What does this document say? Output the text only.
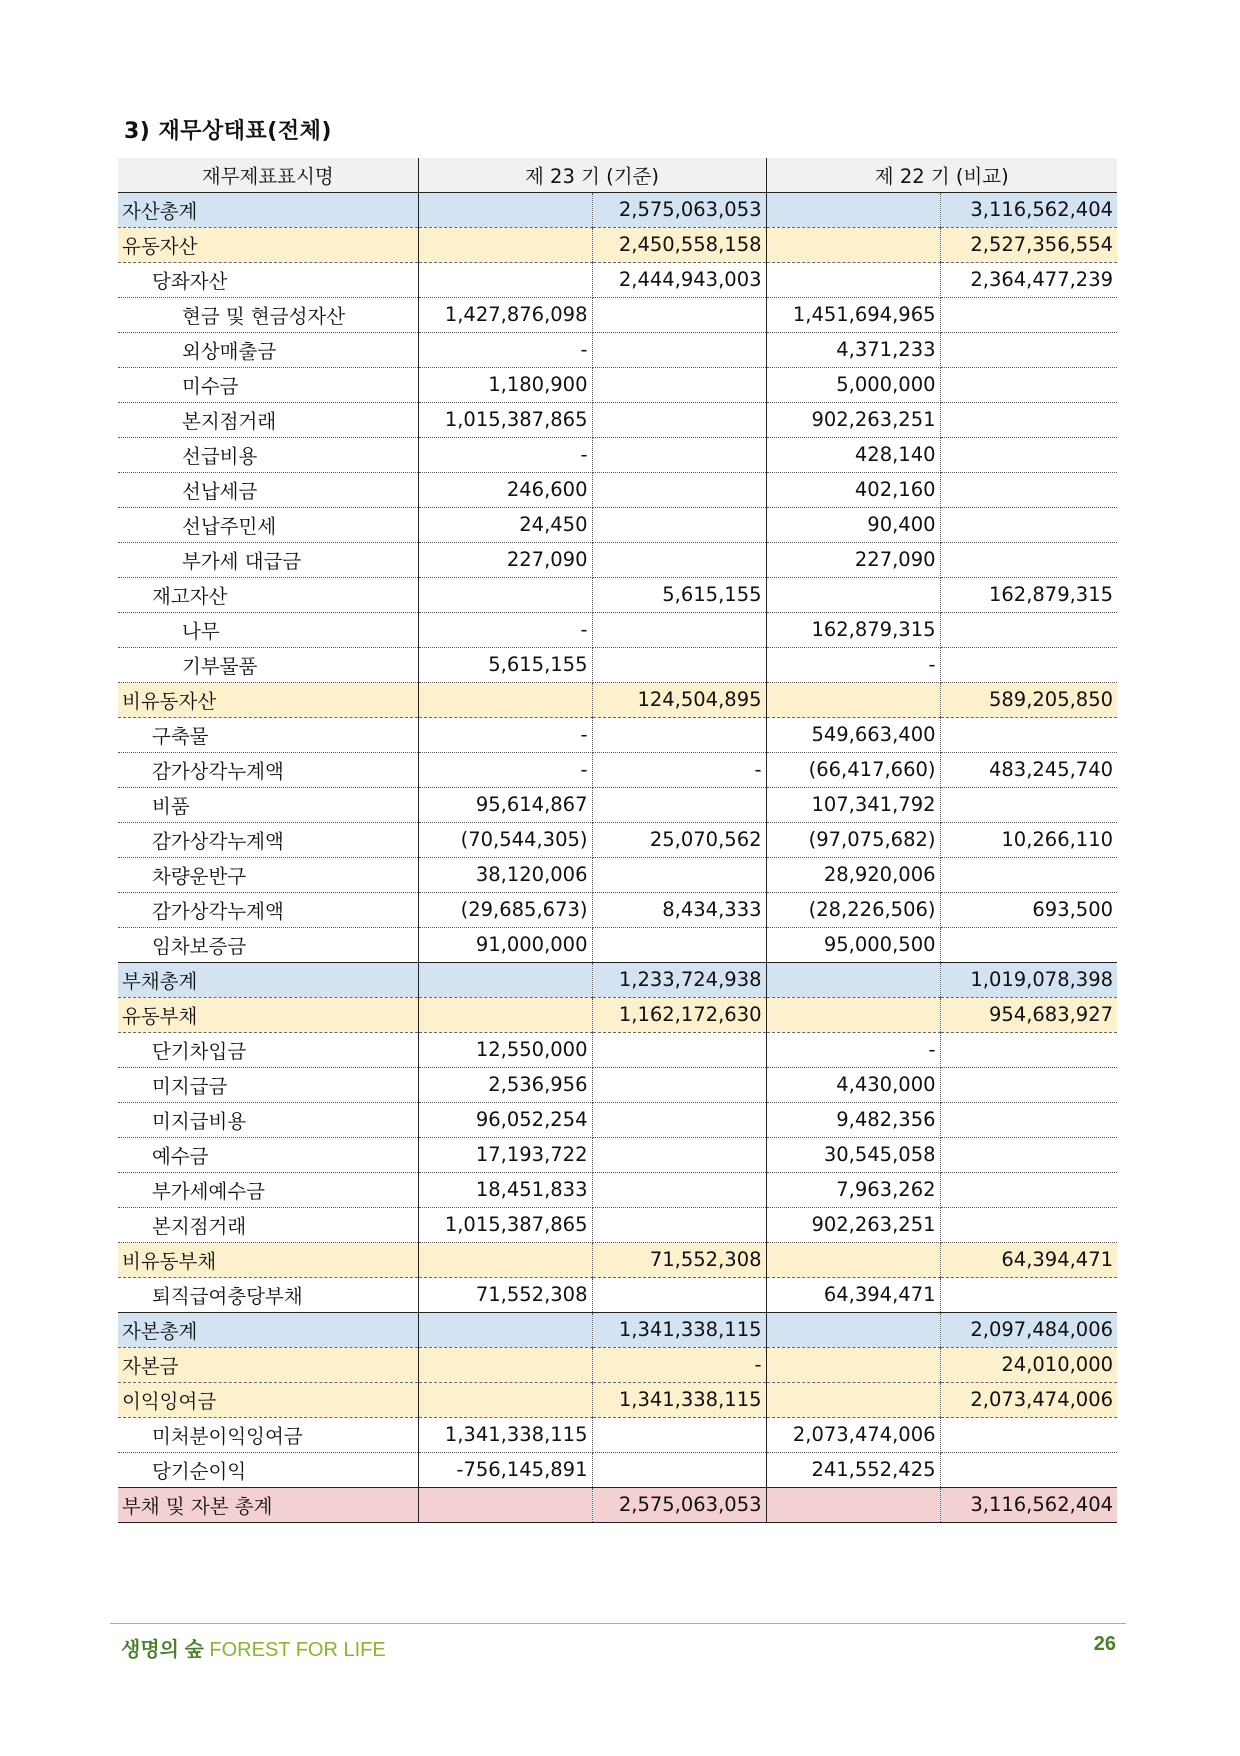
3) 재무상태표(전체)
재무제표표시명	제 23 기 (기준)		제 22 기 (비교)	
자산총계		2,575,063,053		3,116,562,404
유동자산		2,450,558,158		2,527,356,554
당좌자산		2,444,943,003		2,364,477,239
현금 및 현금성자산	1,427,876,098		1,451,694,965	
외상매출금	-		4,371,233	
미수금	1,180,900		5,000,000	
본지점거래	1,015,387,865		902,263,251	
선급비용	-		428,140	
선납세금	246,600		402,160	
선납주민세	24,450		90,400	
부가세 대급금	227,090		227,090	
재고자산		5,615,155		162,879,315
나무	-		162,879,315	
기부물품	5,615,155		-	
비유동자산		124,504,895		589,205,850
구축물	-		549,663,400	
감가상각누계액	-	-	(66,417,660)	483,245,740
비품	95,614,867		107,341,792	
감가상각누계액	(70,544,305)	25,070,562	(97,075,682)	10,266,110
차량운반구	38,120,006		28,920,006	
감가상각누계액	(29,685,673)	8,434,333	(28,226,506)	693,500
임차보증금	91,000,000		95,000,500	
부채총계		1,233,724,938		1,019,078,398
유동부채		1,162,172,630		954,683,927
단기차입금	12,550,000		-	
미지급금	2,536,956		4,430,000	
미지급비용	96,052,254		9,482,356	
예수금	17,193,722		30,545,058	
부가세예수금	18,451,833		7,963,262	
본지점거래	1,015,387,865		902,263,251	
비유동부채		71,552,308		64,394,471
퇴직급여충당부채	71,552,308		64,394,471	
자본총계		1,341,338,115		2,097,484,006
자본금		-		24,010,000
이익잉여금		1,341,338,115		2,073,474,006
미처분이익잉여금	1,341,338,115		2,073,474,006	
당기순이익	-756,145,891		241,552,425	
부채 및 자본 총계		2,575,063,053		3,116,562,404
생명의 숲 FOREST FOR LIFE	26
